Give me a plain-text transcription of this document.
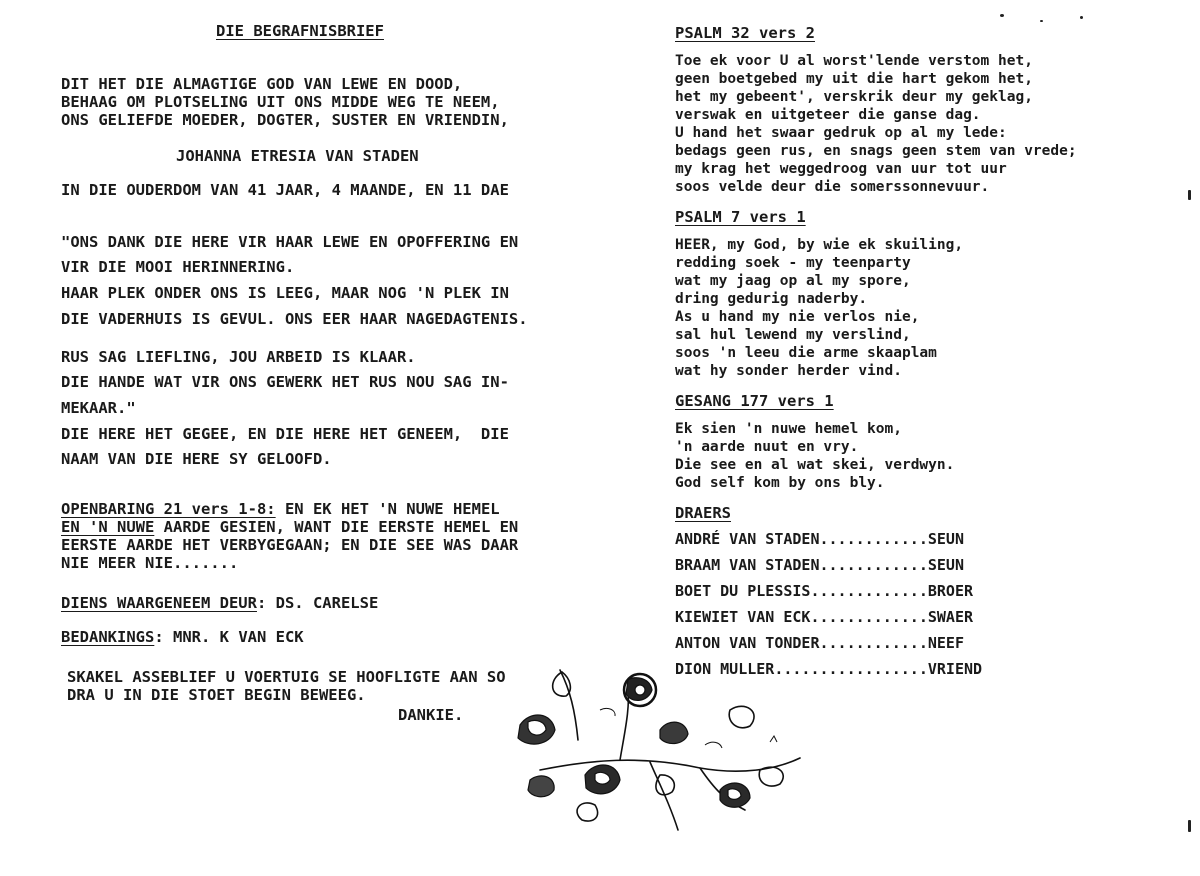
DIE BEGRAFNISBRIEF
DIT HET DIE ALMAGTIGE GOD VAN LEWE EN DOOD,
BEHAAG OM PLOTSELING UIT ONS MIDDE WEG TE NEEM,
ONS GELIEFDE MOEDER, DOGTER, SUSTER EN VRIENDIN,
JOHANNA ETRESIA VAN STADEN
IN DIE OUDERDOM VAN 41 JAAR, 4 MAANDE, EN 11 DAE
"ONS DANK DIE HERE VIR HAAR LEWE EN OPOFFERING EN
VIR DIE MOOI HERINNERING.
HAAR PLEK ONDER ONS IS LEEG, MAAR NOG 'N PLEK IN
DIE VADERHUIS IS GEVUL. ONS EER HAAR NAGEDAGTENIS.
RUS SAG LIEFLING, JOU ARBEID IS KLAAR.
DIE HANDE WAT VIR ONS GEWERK HET RUS NOU SAG IN-
MEKAAR."
DIE HERE HET GEGEE, EN DIE HERE HET GENEEM,  DIE
NAAM VAN DIE HERE SY GELOOFD.
OPENBARING 21 vers 1-8: EN EK HET 'N NUWE HEMEL
EN 'N NUWE AARDE GESIEN, WANT DIE EERSTE HEMEL EN
EERSTE AARDE HET VERBYGEGAAN; EN DIE SEE WAS DAAR
NIE MEER NIE.......
DIENS WAARGENEEM DEUR: DS. CARELSE
BEDANKINGS: MNR. K VAN ECK
SKAKEL ASSEBLIEF U VOERTUIG SE HOOFLIGTE AAN SO
DRA U IN DIE STOET BEGIN BEWEEG.
DANKIE.
PSALM 32 vers 2
Toe ek voor U al worst'lende verstom het,
geen boetgebed my uit die hart gekom het,
het my gebeent', verskrik deur my geklag,
verswak en uitgeteer die ganse dag.
U hand het swaar gedruk op al my lede:
bedags geen rus, en snags geen stem van vrede;
my krag het weggedroog van uur tot uur
soos velde deur die somerssonnevuur.
PSALM 7 vers 1
HEER, my God, by wie ek skuiling,
redding soek - my teenparty
wat my jaag op al my spore,
dring gedurig naderby.
As u hand my nie verlos nie,
sal hul lewend my verslind,
soos 'n leeu die arme skaaplam
wat hy sonder herder vind.
GESANG 177 vers 1
Ek sien 'n nuwe hemel kom,
'n aarde nuut en vry.
Die see en al wat skei, verdwyn.
God self kom by ons bly.
DRAERS
ANDRÉ VAN STADEN............SEUN
BRAAM VAN STADEN............SEUN
BOET DU PLESSIS.............BROER
KIEWIET VAN ECK.............SWAER
ANTON VAN TONDER............NEEF
DION MULLER.................VRIEND
